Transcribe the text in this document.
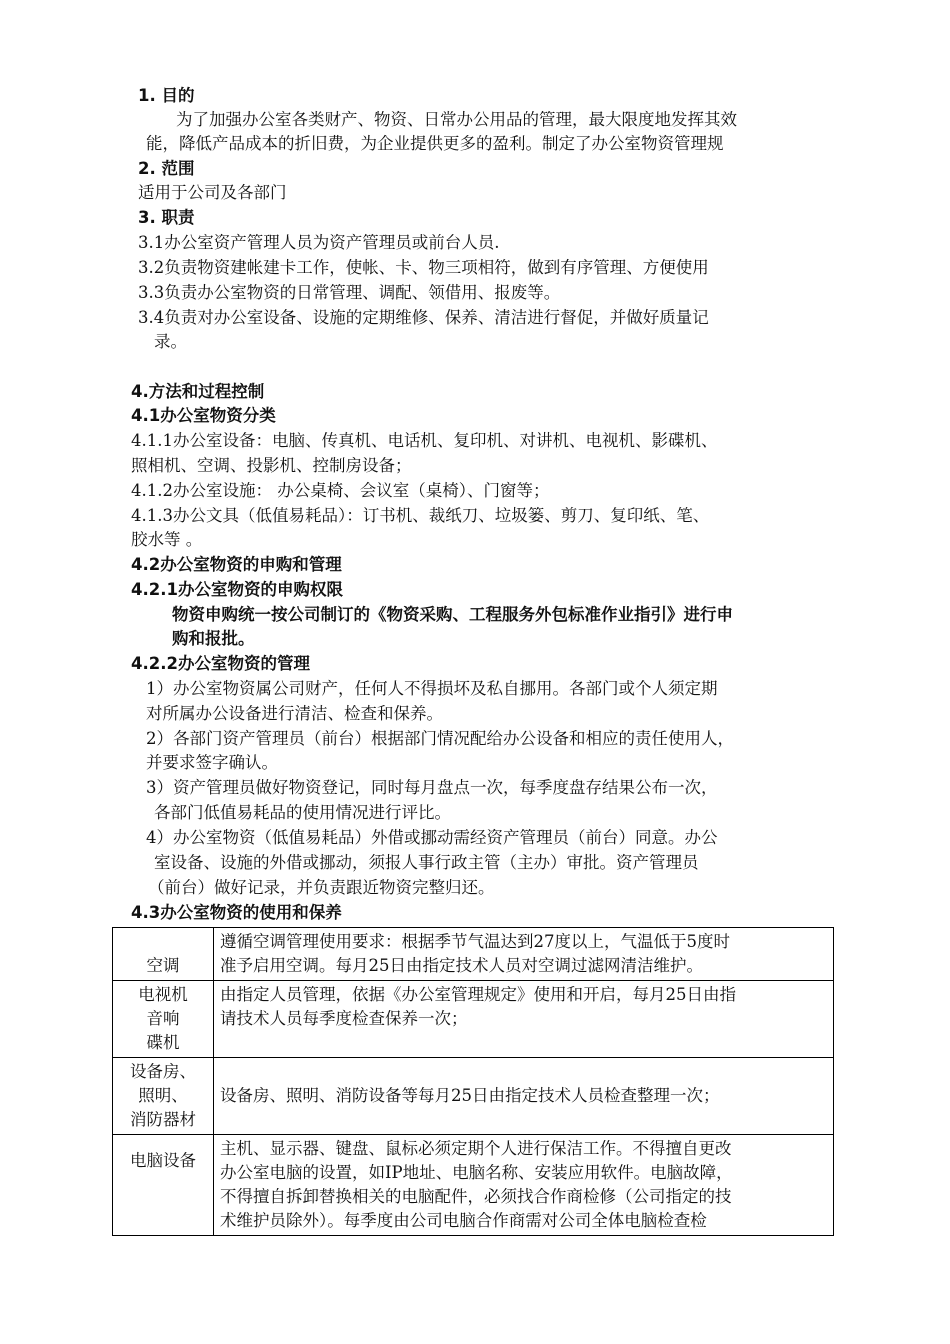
1. 目的
为了加强办公室各类财产、物资、日常办公用品的管理，最大限度地发挥其效
能，降低产品成本的折旧费，为企业提供更多的盈利。制定了办公室物资管理规
2. 范围
适用于公司及各部门
3. 职责
3.1办公室资产管理人员为资产管理员或前台人员.
3.2负责物资建帐建卡工作，使帐、卡、物三项相符，做到有序管理、方便使用
3.3负责办公室物资的日常管理、调配、领借用、报废等。
3.4负责对办公室设备、设施的定期维修、保养、清洁进行督促，并做好质量记
录。
4.方法和过程控制
4.1办公室物资分类
4.1.1办公室设备：电脑、传真机、电话机、复印机、对讲机、电视机、影碟机、
照相机、空调、投影机、控制房设备；
4.1.2办公室设施： 办公桌椅、会议室（桌椅）、门窗等；
4.1.3办公文具（低值易耗品）：订书机、裁纸刀、垃圾篓、剪刀、复印纸、笔、
胶水等 。
4.2办公室物资的申购和管理
4.2.1办公室物资的申购权限
物资申购统一按公司制订的《物资采购、工程服务外包标准作业指引》进行申
购和报批。
4.2.2办公室物资的管理
1）办公室物资属公司财产，任何人不得损坏及私自挪用。各部门或个人须定期
对所属办公设备进行清洁、检查和保养。
2）各部门资产管理员（前台）根据部门情况配给办公设备和相应的责任使用人，
并要求签字确认。
3）资产管理员做好物资登记，同时每月盘点一次，每季度盘存结果公布一次，
各部门低值易耗品的使用情况进行评比。
4）办公室物资（低值易耗品）外借或挪动需经资产管理员（前台）同意。办公
室设备、设施的外借或挪动，须报人事行政主管（主办）审批。资产管理员
（前台）做好记录，并负责跟近物资完整归还。
4.3办公室物资的使用和保养
空调	遵循空调管理使用要求：根据季节气温达到27度以上，气温低于5度时
准予启用空调。每月25日由指定技术人员对空调过滤网清洁维护。

电视机
音响
碟机	由指定人员管理，依据《办公室管理规定》使用和开启，每月25日由指
请技术人员每季度检查保养一次；

设备房、
照明、
消防器材	设备房、照明、消防设备等每月25日由指定技术人员检查整理一次；

电脑设备	主机、显示器、键盘、鼠标必须定期个人进行保洁工作。不得擅自更改
办公室电脑的设置，如IP地址、电脑名称、安装应用软件。电脑故障，
不得擅自拆卸替换相关的电脑配件，必须找合作商检修（公司指定的技
术维护员除外）。每季度由公司电脑合作商需对公司全体电脑检查检
